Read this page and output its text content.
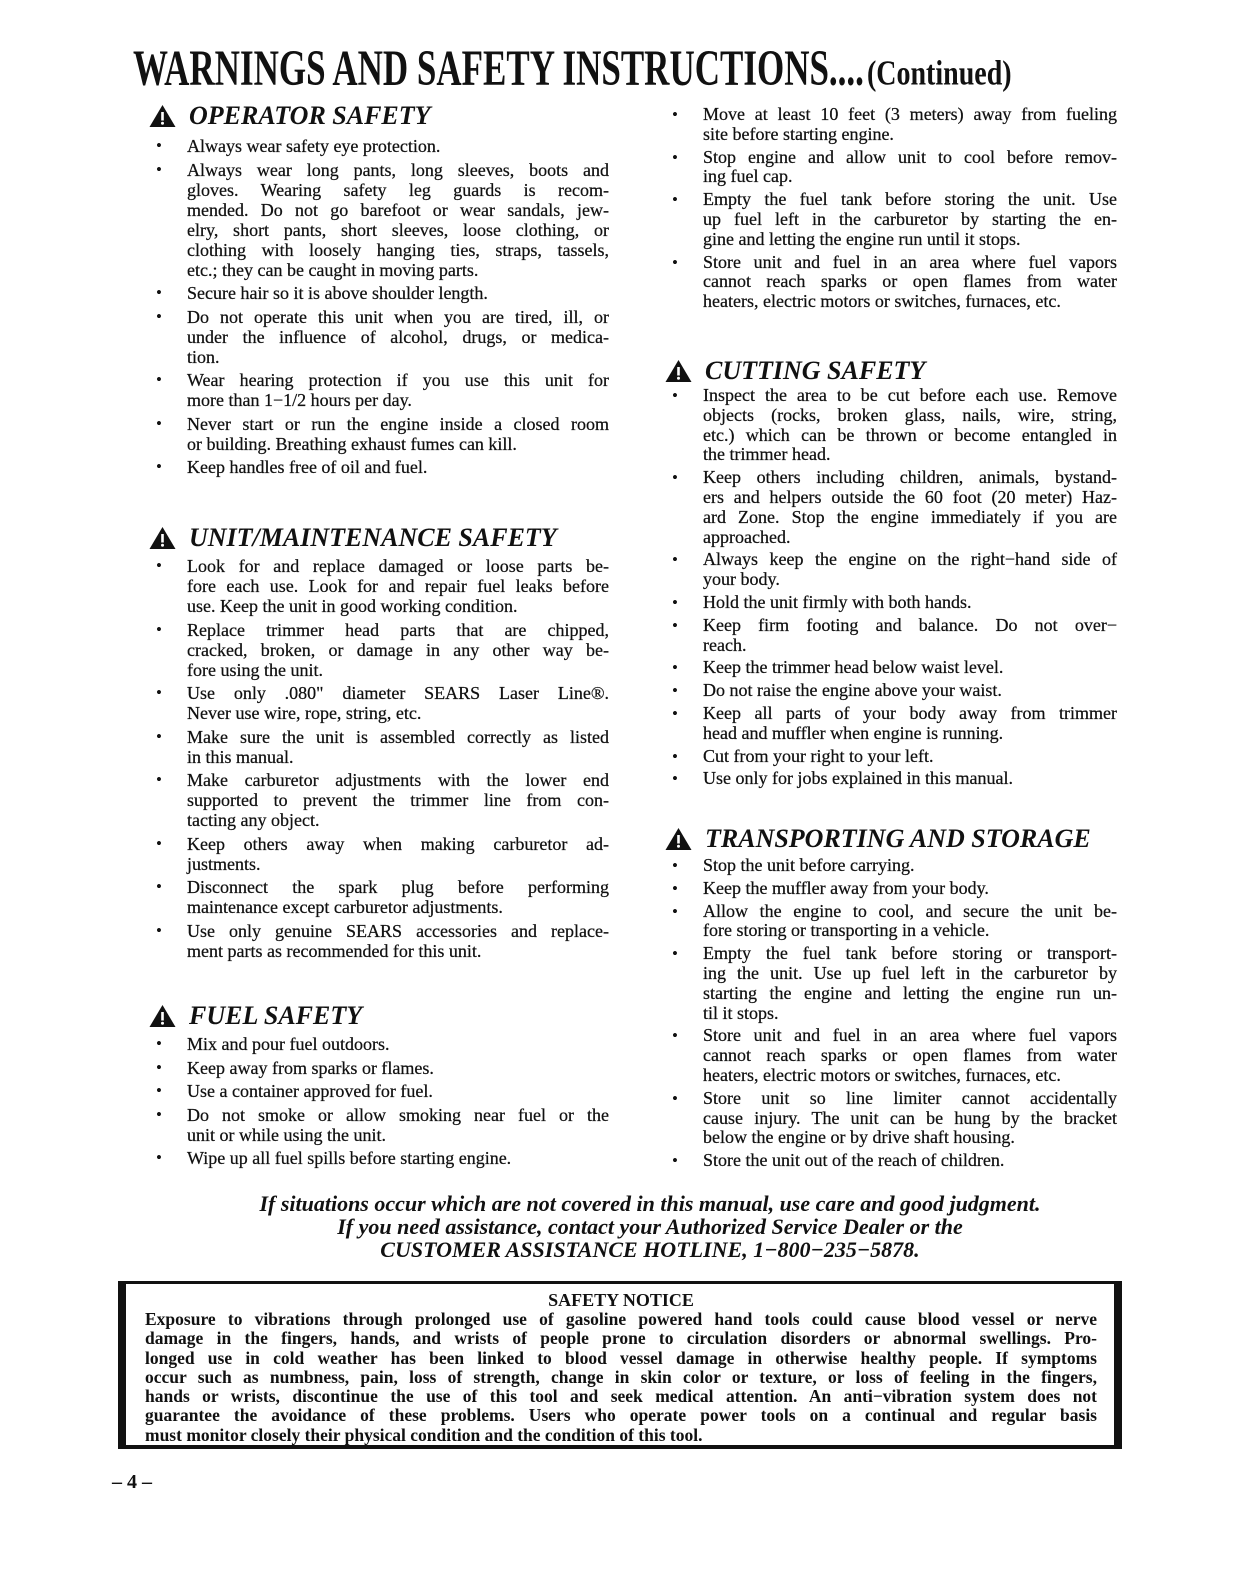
WARNINGS AND SAFETY INSTRUCTIONS.... (Continued)
OPERATOR SAFETY
• Always wear safety eye protection.
• Always wear long pants, long sleeves, boots and
gloves. Wearing safety leg guards is recom-
mended. Do not go barefoot or wear sandals, jew-
elry, short pants, short sleeves, loose clothing, or
clothing with loosely hanging ties, straps, tassels,
etc.; they can be caught in moving parts.
• Secure hair so it is above shoulder length.
• Do not operate this unit when you are tired, ill, or
under the influence of alcohol, drugs, or medica-
tion.
• Wear hearing protection if you use this unit for
more than 1−1/2 hours per day.
• Never start or run the engine inside a closed room
or building. Breathing exhaust fumes can kill.
• Keep handles free of oil and fuel.
UNIT/MAINTENANCE SAFETY
• Look for and replace damaged or loose parts be-
fore each use. Look for and repair fuel leaks before
use. Keep the unit in good working condition.
• Replace trimmer head parts that are chipped,
cracked, broken, or damage in any other way be-
fore using the unit.
• Use only .080" diameter SEARS Laser Line®.
Never use wire, rope, string, etc.
• Make sure the unit is assembled correctly as listed
in this manual.
• Make carburetor adjustments with the lower end
supported to prevent the trimmer line from con-
tacting any object.
• Keep others away when making carburetor ad-
justments.
• Disconnect the spark plug before performing
maintenance except carburetor adjustments.
• Use only genuine SEARS accessories and replace-
ment parts as recommended for this unit.
FUEL SAFETY
• Mix and pour fuel outdoors.
• Keep away from sparks or flames.
• Use a container approved for fuel.
• Do not smoke or allow smoking near fuel or the
unit or while using the unit.
• Wipe up all fuel spills before starting engine.
• Move at least 10 feet (3 meters) away from fueling
site before starting engine.
• Stop engine and allow unit to cool before remov-
ing fuel cap.
• Empty the fuel tank before storing the unit. Use
up fuel left in the carburetor by starting the en-
gine and letting the engine run until it stops.
• Store unit and fuel in an area where fuel vapors
cannot reach sparks or open flames from water
heaters, electric motors or switches, furnaces, etc.
CUTTING SAFETY
• Inspect the area to be cut before each use. Remove
objects (rocks, broken glass, nails, wire, string,
etc.) which can be thrown or become entangled in
the trimmer head.
• Keep others including children, animals, bystand-
ers and helpers outside the 60 foot (20 meter) Haz-
ard Zone. Stop the engine immediately if you are
approached.
• Always keep the engine on the right−hand side of
your body.
• Hold the unit firmly with both hands.
• Keep firm footing and balance. Do not over−
reach.
• Keep the trimmer head below waist level.
• Do not raise the engine above your waist.
• Keep all parts of your body away from trimmer
head and muffler when engine is running.
• Cut from your right to your left.
• Use only for jobs explained in this manual.
TRANSPORTING AND STORAGE
• Stop the unit before carrying.
• Keep the muffler away from your body.
• Allow the engine to cool, and secure the unit be-
fore storing or transporting in a vehicle.
• Empty the fuel tank before storing or transport-
ing the unit. Use up fuel left in the carburetor by
starting the engine and letting the engine run un-
til it stops.
• Store unit and fuel in an area where fuel vapors
cannot reach sparks or open flames from water
heaters, electric motors or switches, furnaces, etc.
• Store unit so line limiter cannot accidentally
cause injury. The unit can be hung by the bracket
below the engine or by drive shaft housing.
• Store the unit out of the reach of children.
If situations occur which are not covered in this manual, use care and good judgment.
If you need assistance, contact your Authorized Service Dealer or the
CUSTOMER ASSISTANCE HOTLINE, 1−800−235−5878.
SAFETY NOTICE
Exposure to vibrations through prolonged use of gasoline powered hand tools could cause blood vessel or nerve
damage in the fingers, hands, and wrists of people prone to circulation disorders or abnormal swellings. Pro-
longed use in cold weather has been linked to blood vessel damage in otherwise healthy people. If symptoms
occur such as numbness, pain, loss of strength, change in skin color or texture, or loss of feeling in the fingers,
hands or wrists, discontinue the use of this tool and seek medical attention. An anti−vibration system does not
guarantee the avoidance of these problems. Users who operate power tools on a continual and regular basis
must monitor closely their physical condition and the condition of this tool.
– 4 –
